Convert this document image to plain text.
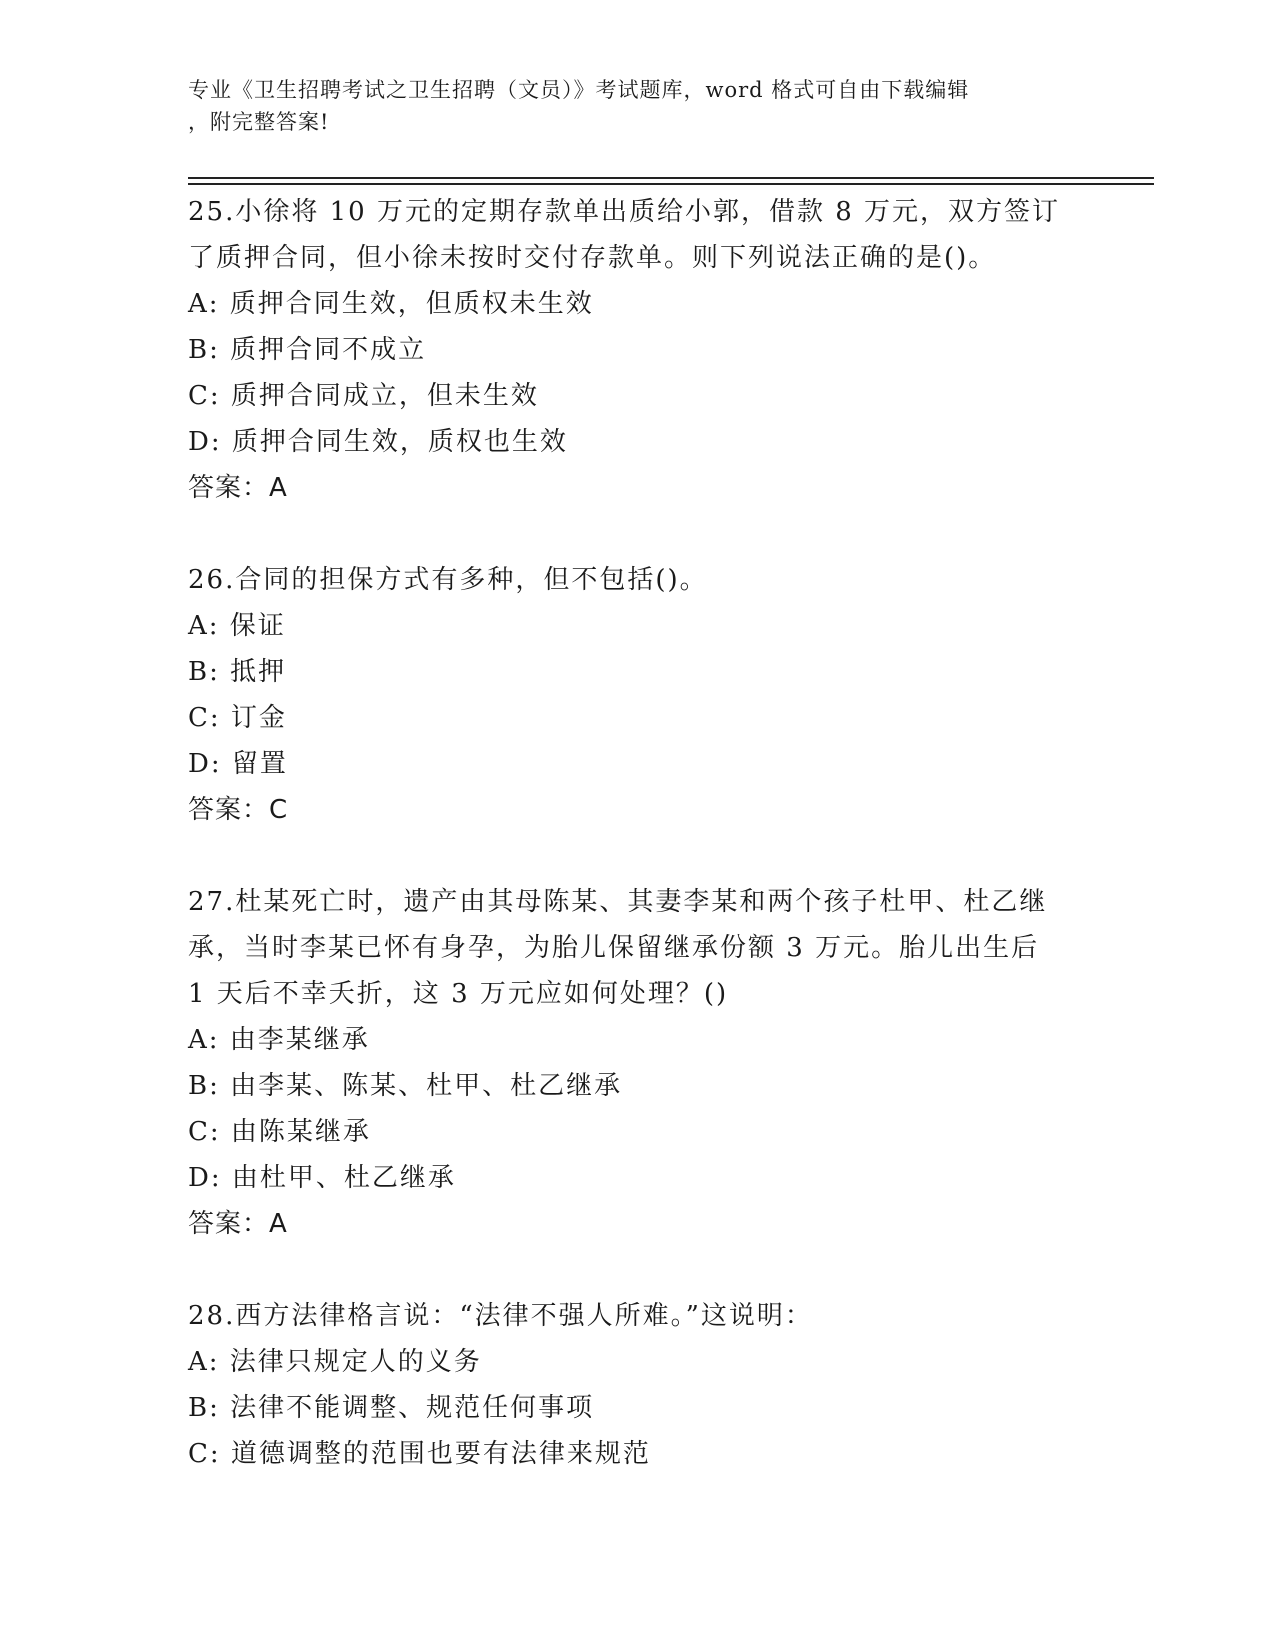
专业《卫生招聘考试之卫生招聘（文员）》考试题库，word 格式可自由下载编辑
，附完整答案!
25.小徐将 10 万元的定期存款单出质给小郭，借款 8 万元，双方签订
了质押合同，但小徐未按时交付存款单。则下列说法正确的是()。
A: 质押合同生效，但质权未生效
B: 质押合同不成立
C: 质押合同成立，但未生效
D: 质押合同生效，质权也生效
答案：A
26.合同的担保方式有多种，但不包括()。
A: 保证
B: 抵押
C: 订金
D: 留置
答案：C
27.杜某死亡时，遗产由其母陈某、其妻李某和两个孩子杜甲、杜乙继
承，当时李某已怀有身孕，为胎儿保留继承份额 3 万元。胎儿出生后
1 天后不幸夭折，这 3 万元应如何处理？()
A: 由李某继承
B: 由李某、陈某、杜甲、杜乙继承
C: 由陈某继承
D: 由杜甲、杜乙继承
答案：A
28.西方法律格言说：“法律不强人所难。”这说明：
A: 法律只规定人的义务
B: 法律不能调整、规范任何事项
C: 道德调整的范围也要有法律来规范
